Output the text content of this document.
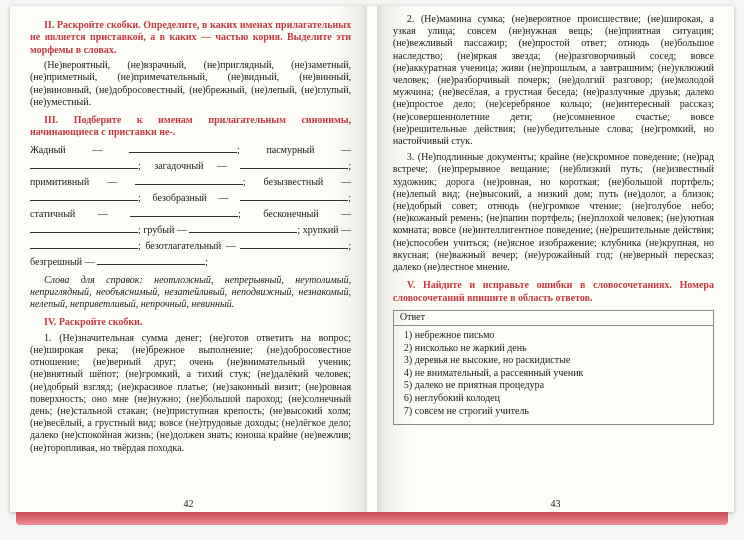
II. Раскройте скобки. Определите, в каких именах прилагательных не является приставкой, а в каких — частью корня. Выделите эти морфемы в словах.
(Не)вероятный, (не)взрачный, (не)приглядный, (не)заметный, (не)приметный, (не)примечательный, (не)видный, (не)винный, (не)виновный, (не)добросовестный, (не)брежный, (не)лепый, (не)глупый, (не)уместный.
III. Подберите к именам прилагательным синонимы, начинающиеся с приставки не-.
Жадный —	; пасмурный — ; загадочный —	; примитивный —	; безызвестный — ; безобразный —	; статичный —	; бесконечный — ; грубый —	; хрупкий — ; безотлагательный —	; безгрешный —	;
Слова для справок: неотложный, непрерывный, неутолимый, неприглядный, необъяснимый, незатейливый, неподвижный, незнакомый, нелепый, неприветливый, непрочный, невинный.
IV. Раскройте скобки.
1. (Не)значительная сумма денег; (не)готов ответить на вопрос; (не)широкая река; (не)брежное выполнение; (не)добросовестное отношение; (не)верный друг; очень (не)внимательный ученик; (не)внятный шёпот; (не)громкий, а тихий стук; (не)далёкий человек; (не)добрый взгляд; (не)красивое платье; (не)законный визит; (не)ровная поверхность; оно мне (не)нужно; (не)большой пароход; (не)солнечный день; (не)стальной стакан; (не)приступная крепость; (не)высокий холм; (не)весёлый, а грустный вид; вовсе (не)трудовые доходы; (не)лёгкое дело; далеко (не)спокойная жизнь; (не)должен знать; юноша крайне (не)вежлив; (не)торопливая, но твёрдая походка.
42
2. (Не)мамина сумка; (не)вероятное происшествие; (не)широкая, а узкая улица; совсем (не)нужная вещь; (не)приятная ситуация; (не)вежливый пассажир; (не)простой ответ; отнюдь (не)большое наследство; (не)яркая звезда; (не)разговорчивый сосед; вовсе (не)аккуратная ученица; живи (не)прошлым, а завтрашним; (не)уклюжий человек; (не)разборчивый почерк; (не)долгий разговор; (не)молодой мужчина; (не)весёлая, а грустная беседа; (не)разлучные друзья; далеко (не)простое дело; (не)серебряное кольцо; (не)интересный рассказ; (не)совершеннолетние дети; (не)сомненное счастье; вовсе (не)решительные действия; (не)убедительные слова; (не)громкий, но настойчивый стук.
3. (Не)подлинные документы; крайне (не)скромное поведение; (не)рад встрече; (не)прерывное вещание; (не)близкий путь; (не)известный художник; дорога (не)ровная, но короткая; (не)большой портфель; (не)лепый вид; (не)высокий, а низкий дом; путь (не)долог, а близок; (не)добрый совет; отнюдь (не)громкое чтение; (не)голубое небо; (не)кожаный ремень; (не)папин портфель; (не)плохой человек; (не)уютная комната; вовсе (не)интеллигентное поведение; (не)решительные действия; (не)способен учиться; (не)ясное изображение; клубника (не)крупная, но вкусная; (не)важный вечер; (не)урожайный год; (не)верный пересказ; далеко (не)лестное мнение.
V. Найдите и исправьте ошибки в словосочетаниях. Номера словосочетаний впишите в область ответов.
Ответ
1) небрежное письмо
2) нисколько не жаркий день
3) деревья не высокие, но раскидистые
4) не внимательный, а рассеянный ученик
5) далеко не приятная процедура
6) неглубокий колодец
7) совсем не строгий учитель
43
